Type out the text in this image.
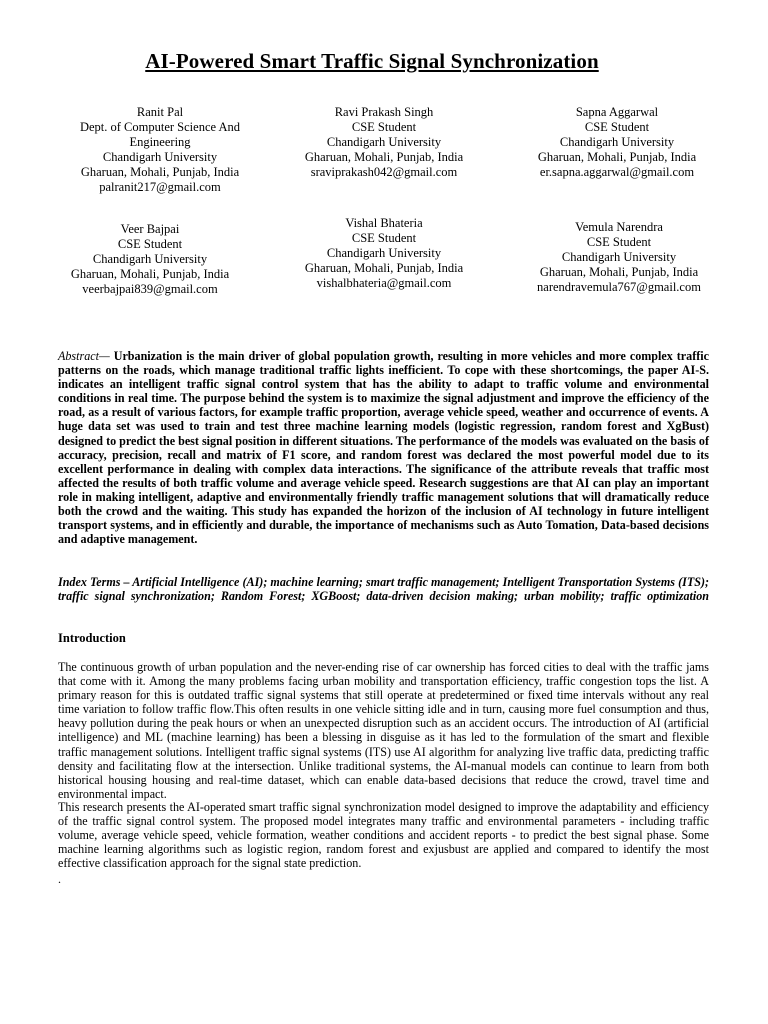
AI-Powered Smart Traffic Signal Synchronization
Ranit Pal
Dept. of Computer Science And
Engineering
Chandigarh University
Gharuan, Mohali, Punjab, India
palranit217@gmail.com
Ravi Prakash Singh
CSE Student
Chandigarh University
Gharuan, Mohali, Punjab, India
sraviprakash042@gmail.com
Sapna Aggarwal
CSE Student
Chandigarh University
Gharuan, Mohali, Punjab, India
er.sapna.aggarwal@gmail.com
Veer Bajpai
CSE Student
Chandigarh University
Gharuan, Mohali, Punjab, India
veerbajpai839@gmail.com
Vishal Bhateria
CSE Student
Chandigarh University
Gharuan, Mohali, Punjab, India
vishalbhateria@gmail.com
Vemula Narendra
CSE Student
Chandigarh University
Gharuan, Mohali, Punjab, India
narendravemula767@gmail.com
Abstract— Urbanization is the main driver of global population growth, resulting in more vehicles and more complex traffic patterns on the roads, which manage traditional traffic lights inefficient. To cope with these shortcomings, the paper AI-S. indicates an intelligent traffic signal control system that has the ability to adapt to traffic volume and environmental conditions in real time. The purpose behind the system is to maximize the signal adjustment and improve the efficiency of the road, as a result of various factors, for example traffic proportion, average vehicle speed, weather and occurrence of events. A huge data set was used to train and test three machine learning models (logistic regression, random forest and XgBust) designed to predict the best signal position in different situations. The performance of the models was evaluated on the basis of accuracy, precision, recall and matrix of F1 score, and random forest was declared the most powerful model due to its excellent performance in dealing with complex data interactions. The significance of the attribute reveals that traffic most affected the results of both traffic volume and average vehicle speed. Research suggestions are that AI can play an important role in making intelligent, adaptive and environmentally friendly traffic management solutions that will dramatically reduce both the crowd and the waiting. This study has expanded the horizon of the inclusion of AI technology in future intelligent transport systems, and in efficiently and durable, the importance of mechanisms such as Auto Tomation, Data-based decisions and adaptive management.
Index Terms – Artificial Intelligence (AI); machine learning; smart traffic management; Intelligent Transportation Systems (ITS); traffic signal synchronization; Random Forest; XGBoost; data-driven decision making; urban mobility; traffic optimization
Introduction
The continuous growth of urban population and the never-ending rise of car ownership has forced cities to deal with the traffic jams that come with it. Among the many problems facing urban mobility and transportation efficiency, traffic congestion tops the list. A primary reason for this is outdated traffic signal systems that still operate at predetermined or fixed time intervals without any real time variation to follow traffic flow.This often results in one vehicle sitting idle and in turn, causing more fuel consumption and thus, heavy pollution during the peak hours or when an unexpected disruption such as an accident occurs. The introduction of AI (artificial intelligence) and ML (machine learning) has been a blessing in disguise as it has led to the formulation of the smart and flexible traffic management solutions. Intelligent traffic signal systems (ITS) use AI algorithm for analyzing live traffic data, predicting traffic density and facilitating flow at the intersection. Unlike traditional systems, the AI-manual models can continue to learn from both historical housing housing and real-time dataset, which can enable data-based decisions that reduce the crowd, travel time and environmental impact.
This research presents the AI-operated smart traffic signal synchronization model designed to improve the adaptability and efficiency of the traffic signal control system. The proposed model integrates many traffic and environmental parameters - including traffic volume, average vehicle speed, vehicle formation, weather conditions and accident reports - to predict the best signal phase. Some machine learning algorithms such as logistic region, random forest and exjusbust are applied and compared to identify the most effective classification approach for the signal state prediction.
.
